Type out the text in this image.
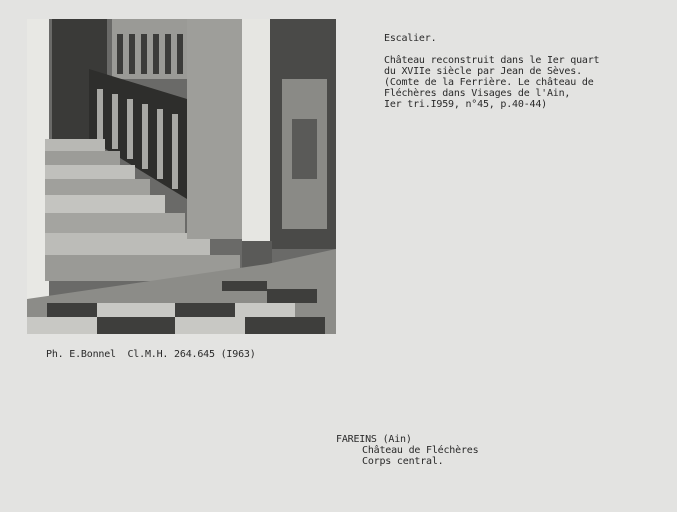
Escalier.
Château reconstruit dans le Ier quart
du XVIIe siècle par Jean de Sèves.
(Comte de la Ferrière. Le château de
Fléchères dans Visages de l'Ain,
Ier tri.I959, n°45, p.40-44)
Ph. E.Bonnel  Cl.M.H. 264.645 (I963)
FAREINS (Ain)
Château de Fléchères
Corps central.
